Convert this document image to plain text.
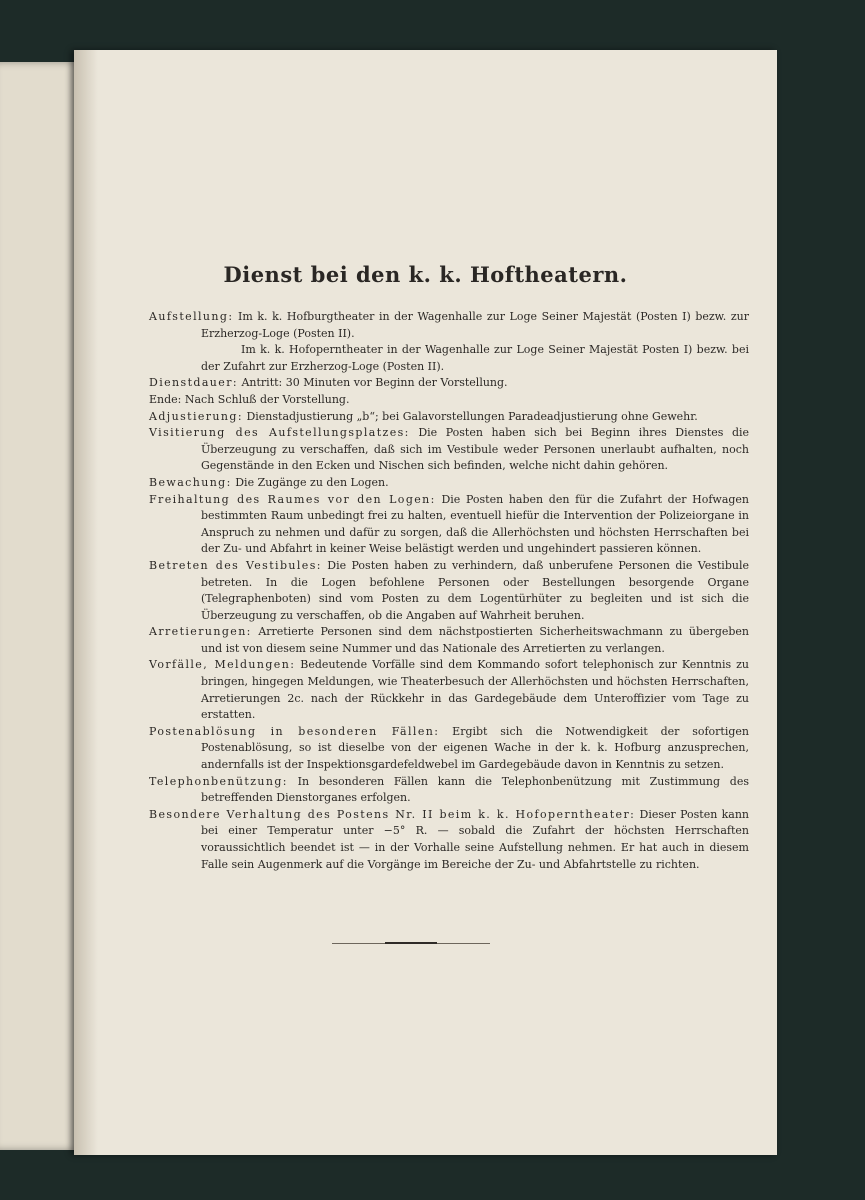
Dienst bei den k. k. Hoftheatern.

Aufstellung: Im k. k. Hofburgtheater in der Wagenhalle zur Loge Seiner Majestät (Posten I) bezw. zur Erzherzog-Loge (Posten II).

Im k. k. Hofoperntheater in der Wagenhalle zur Loge Seiner Majestät Posten I) bezw. bei der Zufahrt zur Erzherzog-Loge (Posten II).

Dienstdauer: Antritt: 30 Minuten vor Beginn der Vorstellung.
Ende: Nach Schluß der Vorstellung.

Adjustierung: Dienstadjustierung „b“; bei Galavorstellungen Paradeadjustierung ohne Gewehr.

Visitierung des Aufstellungsplatzes: Die Posten haben sich bei Beginn ihres Dienstes die Überzeugung zu verschaffen, daß sich im Vestibule weder Personen unerlaubt aufhalten, noch Gegenstände in den Ecken und Nischen sich befinden, welche nicht dahin gehören.

Bewachung: Die Zugänge zu den Logen.

Freihaltung des Raumes vor den Logen: Die Posten haben den für die Zufahrt der Hofwagen bestimmten Raum unbedingt frei zu halten, eventuell hiefür die Intervention der Polizeiorgane in Anspruch zu nehmen und dafür zu sorgen, daß die Allerhöchsten und höchsten Herrschaften bei der Zu- und Abfahrt in keiner Weise belästigt werden und ungehindert passieren können.

Betreten des Vestibules: Die Posten haben zu verhindern, daß unberufene Personen die Vestibule betreten. In die Logen befohlene Personen oder Bestellungen besorgende Organe (Telegraphenboten) sind vom Posten zu dem Logentürhüter zu begleiten und ist sich die Überzeugung zu verschaffen, ob die Angaben auf Wahrheit beruhen.

Arretierungen: Arretierte Personen sind dem nächstpostierten Sicherheitswachmann zu übergeben und ist von diesem seine Nummer und das Nationale des Arretierten zu verlangen.

Vorfälle, Meldungen: Bedeutende Vorfälle sind dem Kommando sofort telephonisch zur Kenntnis zu bringen, hingegen Meldungen, wie Theaterbesuch der Allerhöchsten und höchsten Herrschaften, Arretierungen 2c. nach der Rückkehr in das Gardegebäude dem Unteroffizier vom Tage zu erstatten.

Postenablösung in besonderen Fällen: Ergibt sich die Notwendigkeit der sofortigen Postenablösung, so ist dieselbe von der eigenen Wache in der k. k. Hofburg anzusprechen, andernfalls ist der Inspektionsgardefeldwebel im Gardegebäude davon in Kenntnis zu setzen.

Telephonbenützung: In besonderen Fällen kann die Telephonbenützung mit Zustimmung des betreffenden Dienstorganes erfolgen.

Besondere Verhaltung des Postens Nr. II beim k. k. Hofoperntheater: Dieser Posten kann bei einer Temperatur unter −5° R. — sobald die Zufahrt der höchsten Herrschaften voraussichtlich beendet ist — in der Vorhalle seine Aufstellung nehmen. Er hat auch in diesem Falle sein Augenmerk auf die Vorgänge im Bereiche der Zu- und Abfahrtstelle zu richten.
